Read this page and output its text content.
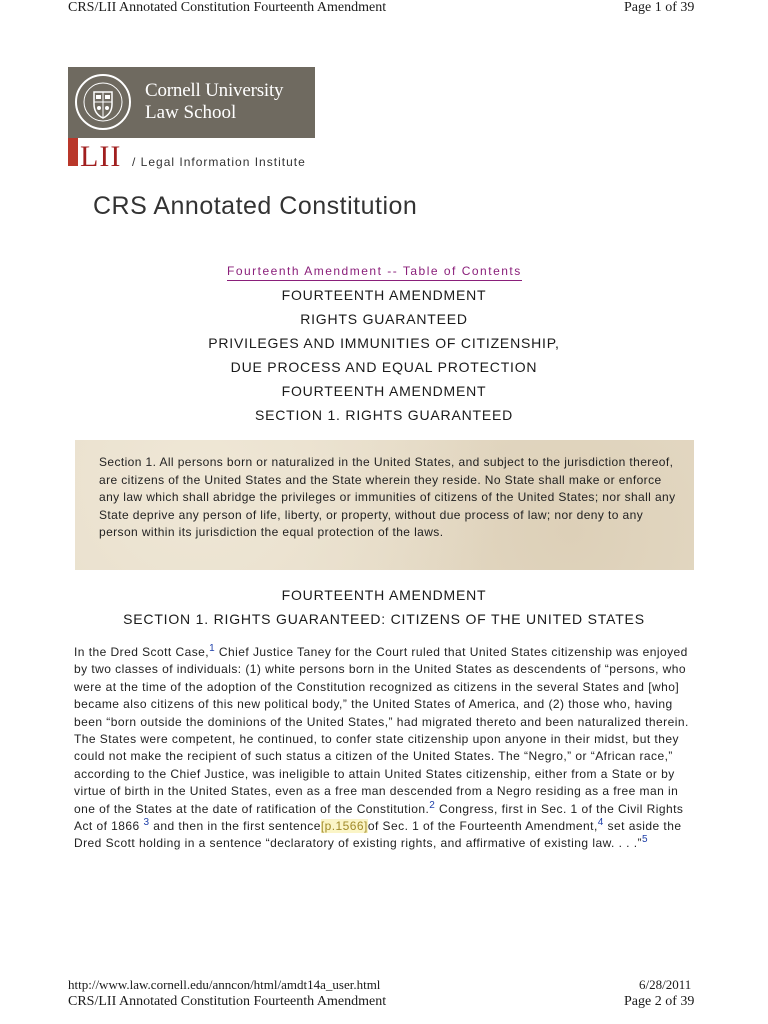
CRS/LII Annotated Constitution Fourteenth Amendment	Page 1 of 39
Cornell University
Law School
LII / Legal Information Institute
CRS Annotated Constitution
Fourteenth Amendment -- Table of Contents
FOURTEENTH AMENDMENT
RIGHTS GUARANTEED
PRIVILEGES AND IMMUNITIES OF CITIZENSHIP,
DUE PROCESS AND EQUAL PROTECTION
FOURTEENTH AMENDMENT
SECTION 1. RIGHTS GUARANTEED
Section 1. All persons born or naturalized in the United States, and subject to the jurisdiction thereof, are citizens of the United States and the State wherein they reside. No State shall make or enforce any law which shall abridge the privileges or immunities of citizens of the United States; nor shall any State deprive any person of life, liberty, or property, without due process of law; nor deny to any person within its jurisdiction the equal protection of the laws.
FOURTEENTH AMENDMENT
SECTION 1. RIGHTS GUARANTEED: CITIZENS OF THE UNITED STATES
In the Dred Scott Case,$^1$ Chief Justice Taney for the Court ruled that United States citizenship was enjoyed by two classes of individuals: (1) white persons born in the United States as descendents of “persons, who were at the time of the adoption of the Constitution recognized as citizens in the several States and [who] became also citizens of this new political body,” the United States of America, and (2) those who, having been “born outside the dominions of the United States,” had migrated thereto and been naturalized therein. The States were competent, he continued, to confer state citizenship upon anyone in their midst, but they could not make the recipient of such status a citizen of the United States. The “Negro,” or “African race,” according to the Chief Justice, was ineligible to attain United States citizenship, either from a State or by virtue of birth in the United States, even as a free man descended from a Negro residing as a free man in one of the States at the date of ratification of the Constitution.$^2$ Congress, first in Sec. 1 of the Civil Rights Act of 1866 $^3$ and then in the first sentence[p.1566]of Sec. 1 of the Fourteenth Amendment,$^4$ set aside the Dred Scott holding in a sentence “declaratory of existing rights, and affirmative of existing law. . . .”$^5$
http://www.law.cornell.edu/anncon/html/amdt14a_user.html	6/28/2011
CRS/LII Annotated Constitution Fourteenth Amendment	Page 2 of 39
